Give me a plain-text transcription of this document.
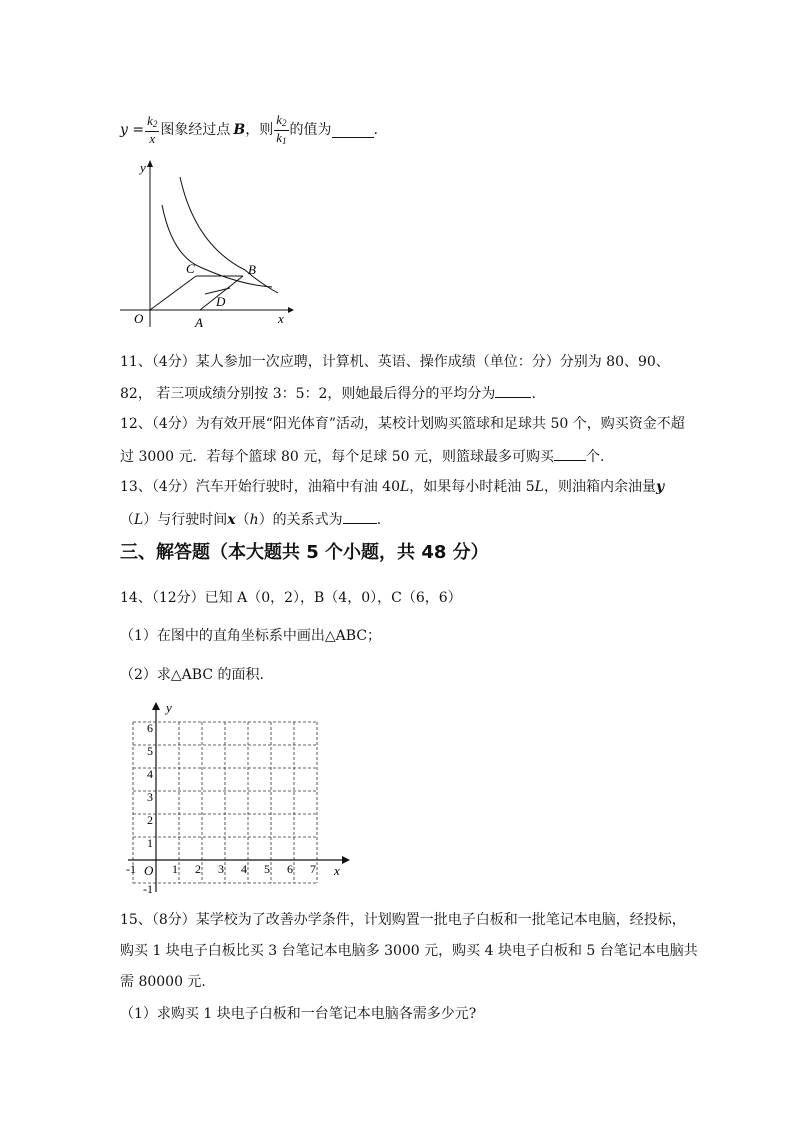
$y = \frac{k_2}{x}$ 图象经过点 B ，则 $\frac{k_2}{k_1}$ 的值为	.
y
x
O	A
B
C
D
11、（4分）某人参加一次应聘，计算机、英语、操作成绩（单位：分）分别为 80、90、
82， 若三项成绩分别按 3：5：2，则她最后得分的平均分为	.
12、（4分）为有效开展“阳光体育”活动，某校计划购买篮球和足球共 50 个，购买资金不超
过 3000 元．若每个篮球 80 元，每个足球 50 元，则篮球最多可购买 个.
13、（4分）汽车开始行驶时，油箱中有油 40L，如果每小时耗油 5L，则油箱内余油量y
（L）与行驶时间x（h）的关系式为 .
三、解答题（本大题共 5 个小题，共 48 分）
14、（12分）已知 A（0，2），B（4，0），C（6，6）
（1）在图中的直角坐标系中画出△ABC；
（2）求△ABC 的面积.
-1	1 2 3 4 5 6 7
-1
1
2
3
4
5
6
y
x
O
15、（8分）某学校为了改善办学条件，计划购置一批电子白板和一批笔记本电脑，经投标，
购买 1 块电子白板比买 3 台笔记本电脑多 3000 元，购买 4 块电子白板和 5 台笔记本电脑共
需 80000 元.
（1）求购买 1 块电子白板和一台笔记本电脑各需多少元?
